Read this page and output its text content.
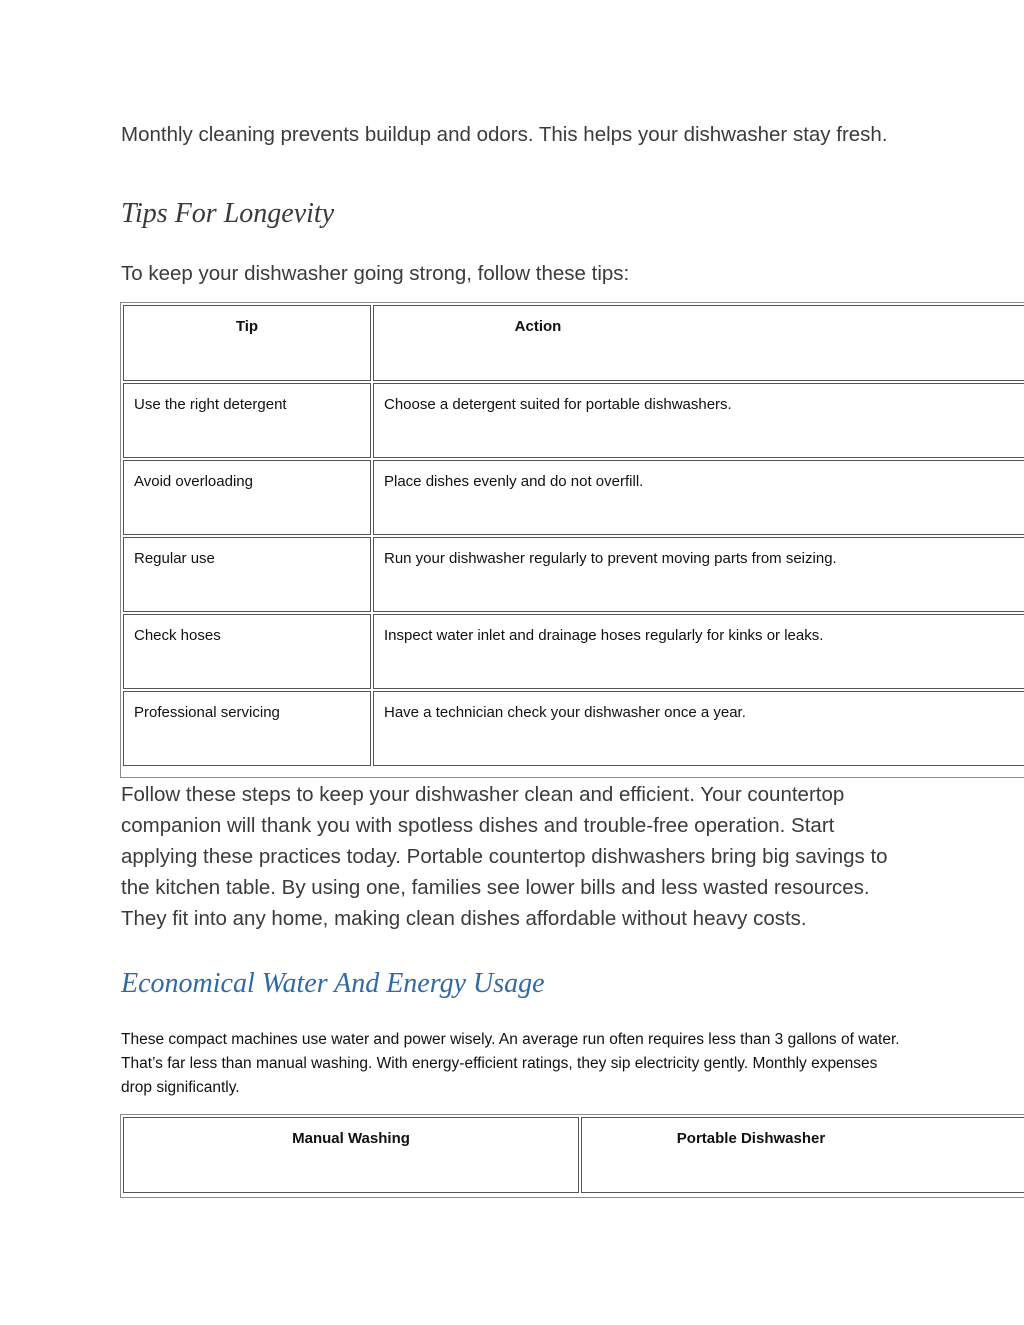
Monthly cleaning prevents buildup and odors. This helps your dishwasher stay fresh.

Tips For Longevity

To keep your dishwasher going strong, follow these tips:

Tip	Action

Use the right detergent	Choose a detergent suited for portable dishwashers.

Avoid overloading	Place dishes evenly and do not overfill.

Regular use	Run your dishwasher regularly to prevent moving parts from seizing.

Check hoses	Inspect water inlet and drainage hoses regularly for kinks or leaks.

Professional servicing	Have a technician check your dishwasher once a year.

Follow these steps to keep your dishwasher clean and efficient. Your countertop companion will thank you with spotless dishes and trouble-free operation. Start applying these practices today. Portable countertop dishwashers bring big savings to the kitchen table. By using one, families see lower bills and less wasted resources. They fit into any home, making clean dishes affordable without heavy costs.

Economical Water And Energy Usage

These compact machines use water and power wisely. An average run often requires less than 3 gallons of water. That’s far less than manual washing. With energy-efficient ratings, they sip electricity gently. Monthly expenses drop significantly.

Manual Washing	Portable Dishwasher
